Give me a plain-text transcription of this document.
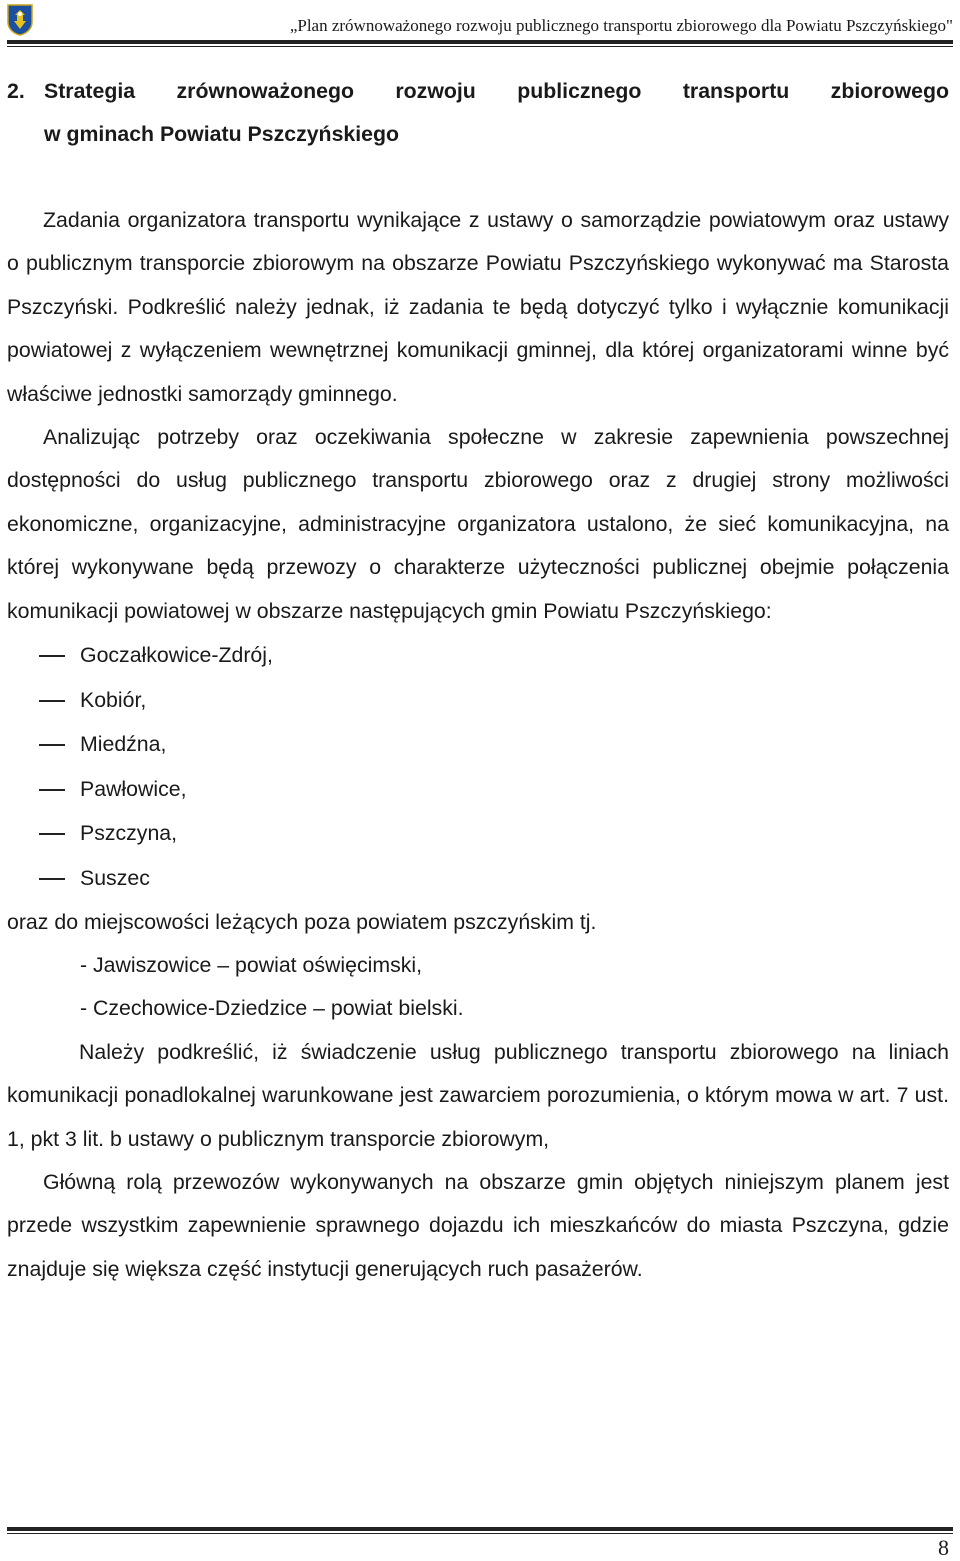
„Plan zrównoważonego rozwoju publicznego transportu zbiorowego dla Powiatu Pszczyńskiego"
2. Strategia zrównoważonego rozwoju publicznego transportu zbiorowego
w gminach Powiatu Pszczyńskiego

Zadania organizatora transportu wynikające z ustawy o samorządzie powiatowym oraz ustawy o publicznym transporcie zbiorowym na obszarze Powiatu Pszczyńskiego wykonywać ma Starosta Pszczyński. Podkreślić należy jednak, iż zadania te będą dotyczyć tylko i wyłącznie komunikacji powiatowej z wyłączeniem wewnętrznej komunikacji gminnej, dla której organizatorami winne być właściwe jednostki samorządy gminnego.

Analizując potrzeby oraz oczekiwania społeczne w zakresie zapewnienia powszechnej dostępności do usług publicznego transportu zbiorowego oraz z drugiej strony możliwości ekonomiczne, organizacyjne, administracyjne organizatora ustalono, że sieć komunikacyjna, na której wykonywane będą przewozy o charakterze użyteczności publicznej obejmie połączenia komunikacji powiatowej w obszarze następujących gmin Powiatu Pszczyńskiego:

Goczałkowice-Zdrój,
Kobiór,
Miedźna,
Pawłowice,
Pszczyna,
Suszec

oraz do miejscowości leżących poza powiatem pszczyńskim tj.

- Jawiszowice – powiat oświęcimski,
- Czechowice-Dziedzice – powiat bielski.

Należy podkreślić, iż świadczenie usług publicznego transportu zbiorowego na liniach komunikacji ponadlokalnej warunkowane jest zawarciem porozumienia, o którym mowa w art. 7 ust. 1, pkt 3 lit. b ustawy o publicznym transporcie zbiorowym,

Główną rolą przewozów wykonywanych na obszarze gmin objętych niniejszym planem jest przede wszystkim zapewnienie sprawnego dojazdu ich mieszkańców do miasta Pszczyna, gdzie znajduje się większa część instytucji generujących ruch pasażerów.

8
